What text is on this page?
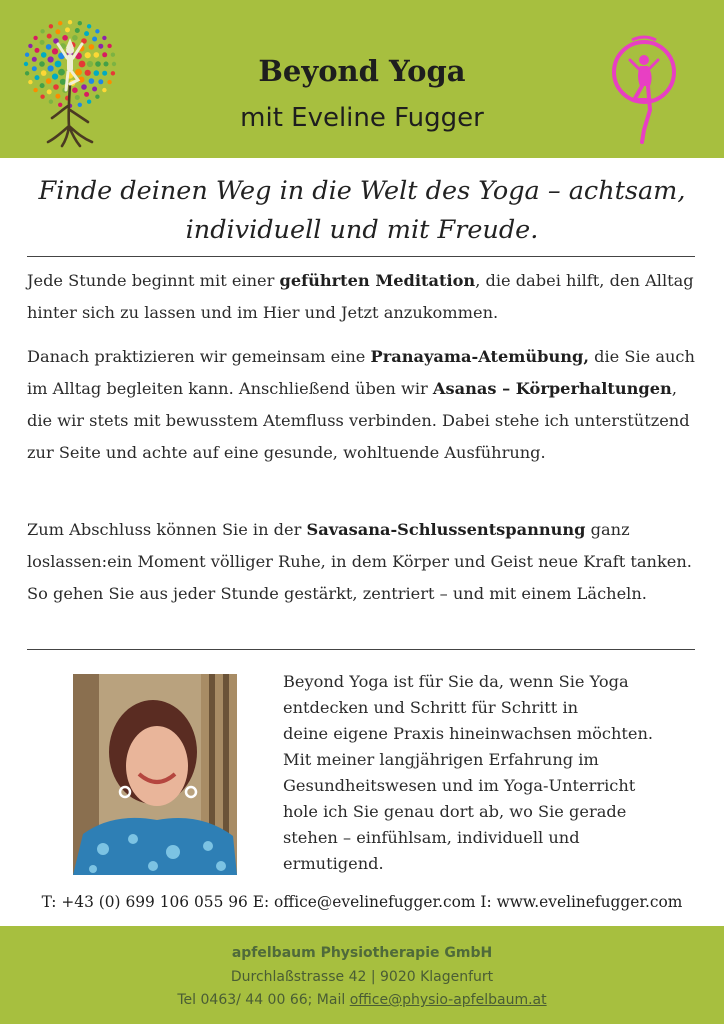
Beyond Yoga
mit Eveline Fugger
Finde deinen Weg in die Welt des Yoga – achtsam,
individuell und mit Freude.
Jede Stunde beginnt mit einer geführten Meditation, die dabei hilft, den Alltag hinter sich zu lassen und im Hier und Jetzt anzukommen.
Danach praktizieren wir gemeinsam eine Pranayama-Atemübung, die Sie auch im Alltag begleiten kann. Anschließend üben wir Asanas – Körperhaltungen, die wir stets mit bewusstem Atemfluss verbinden. Dabei stehe ich unterstützend zur Seite und achte auf eine gesunde, wohltuende Ausführung.
Zum Abschluss können Sie in der Savasana-Schlussentspannung ganz loslassen:ein Moment völliger Ruhe, in dem Körper und Geist neue Kraft tanken. So gehen Sie aus jeder Stunde gestärkt, zentriert – und mit einem Lächeln.
Beyond Yoga ist für Sie da, wenn Sie Yoga
entdecken und Schritt für Schritt in
deine eigene Praxis hineinwachsen möchten.
Mit meiner langjährigen Erfahrung im
Gesundheitswesen und im Yoga-Unterricht
hole ich Sie genau dort ab, wo Sie gerade
stehen – einfühlsam, individuell und
ermutigend.
T: +43 (0) 699 106 055 96 E: office@evelinefugger.com I: www.evelinefugger.com
apfelbaum Physiotherapie GmbH
Durchlaßstrasse 42 | 9020 Klagenfurt
Tel 0463/ 44 00 66; Mail office@physio-apfelbaum.at
